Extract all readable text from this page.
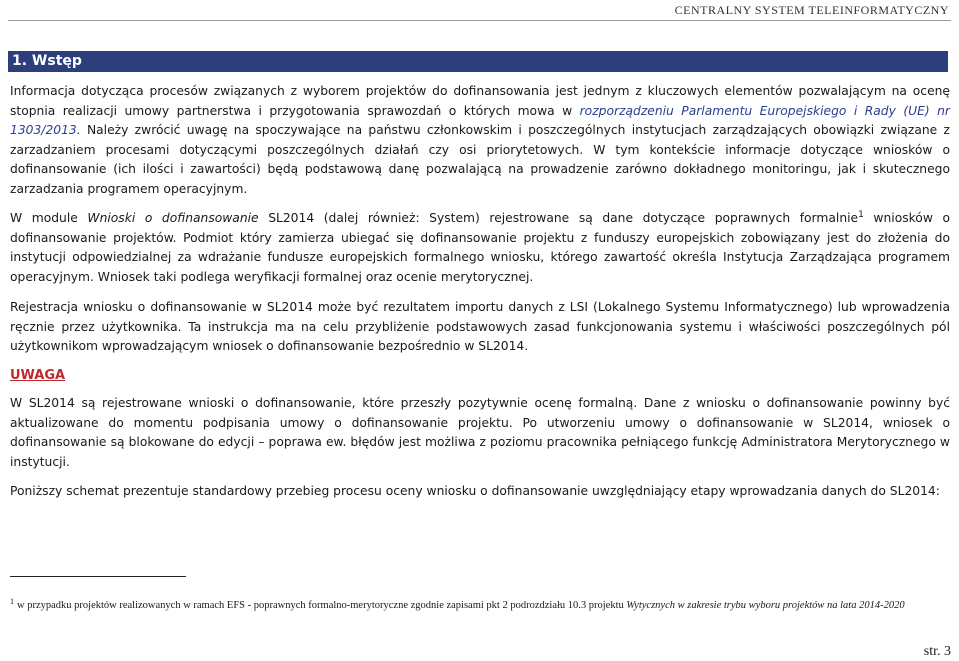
CENTRALNY SYSTEM TELEINFORMATYCZNY
1. Wstęp

Informacja dotycząca procesów związanych z wyborem projektów do dofinansowania jest jednym z kluczowych elementów pozwalającym na ocenę stopnia realizacji umowy partnerstwa i przygotowania sprawozdań o których mowa w rozporządzeniu Parlamentu Europejskiego i Rady (UE) nr 1303/2013. Należy zwrócić uwagę na spoczywające na państwu członkowskim i poszczególnych instytucjach zarządzających obowiązki związane z zarzadzaniem procesami dotyczącymi poszczególnych działań czy osi priorytetowych. W tym kontekście informacje dotyczące wniosków o dofinansowanie (ich ilości i zawartości) będą podstawową danę pozwalającą na prowadzenie zarówno dokładnego monitoringu, jak i skutecznego zarzadzania programem operacyjnym.

W module Wnioski o dofinansowanie SL2014 (dalej również: System) rejestrowane są dane dotyczące poprawnych formalnie$^1$ wniosków o dofinansowanie projektów. Podmiot który zamierza ubiegać się dofinansowanie projektu z funduszy europejskich zobowiązany jest do złożenia do instytucji odpowiedzialnej za wdrażanie fundusze europejskich formalnego wniosku, którego zawartość określa Instytucja Zarządzająca programem operacyjnym. Wniosek taki podlega weryfikacji formalnej oraz ocenie merytorycznej.

Rejestracja wniosku o dofinansowanie w SL2014 może być rezultatem importu danych z LSI (Lokalnego Systemu Informatycznego) lub wprowadzenia ręcznie przez użytkownika. Ta instrukcja ma na celu przybliżenie podstawowych zasad funkcjonowania systemu i właściwości poszczególnych pól użytkownikom wprowadzającym wniosek o dofinansowanie bezpośrednio w SL2014.

UWAGA

W SL2014 są rejestrowane wnioski o dofinansowanie, które przeszły pozytywnie ocenę formalną. Dane z wniosku o dofinansowanie powinny być aktualizowane do momentu podpisania umowy o dofinansowanie projektu. Po utworzeniu umowy o dofinansowanie w SL2014, wniosek o dofinansowanie są blokowane do edycji – poprawa ew. błędów jest możliwa z poziomu pracownika pełniącego funkcję Administratora Merytorycznego w instytucji.

Poniższy schemat prezentuje standardowy przebieg procesu oceny wniosku o dofinansowanie uwzględniający etapy wprowadzania danych do SL2014:

$^1$ w przypadku projektów realizowanych w ramach EFS - poprawnych formalno-merytoryczne zgodnie zapisami pkt 2 podrozdziału 10.3 projektu Wytycznych w zakresie trybu wyboru projektów na lata 2014-2020
str. 3
